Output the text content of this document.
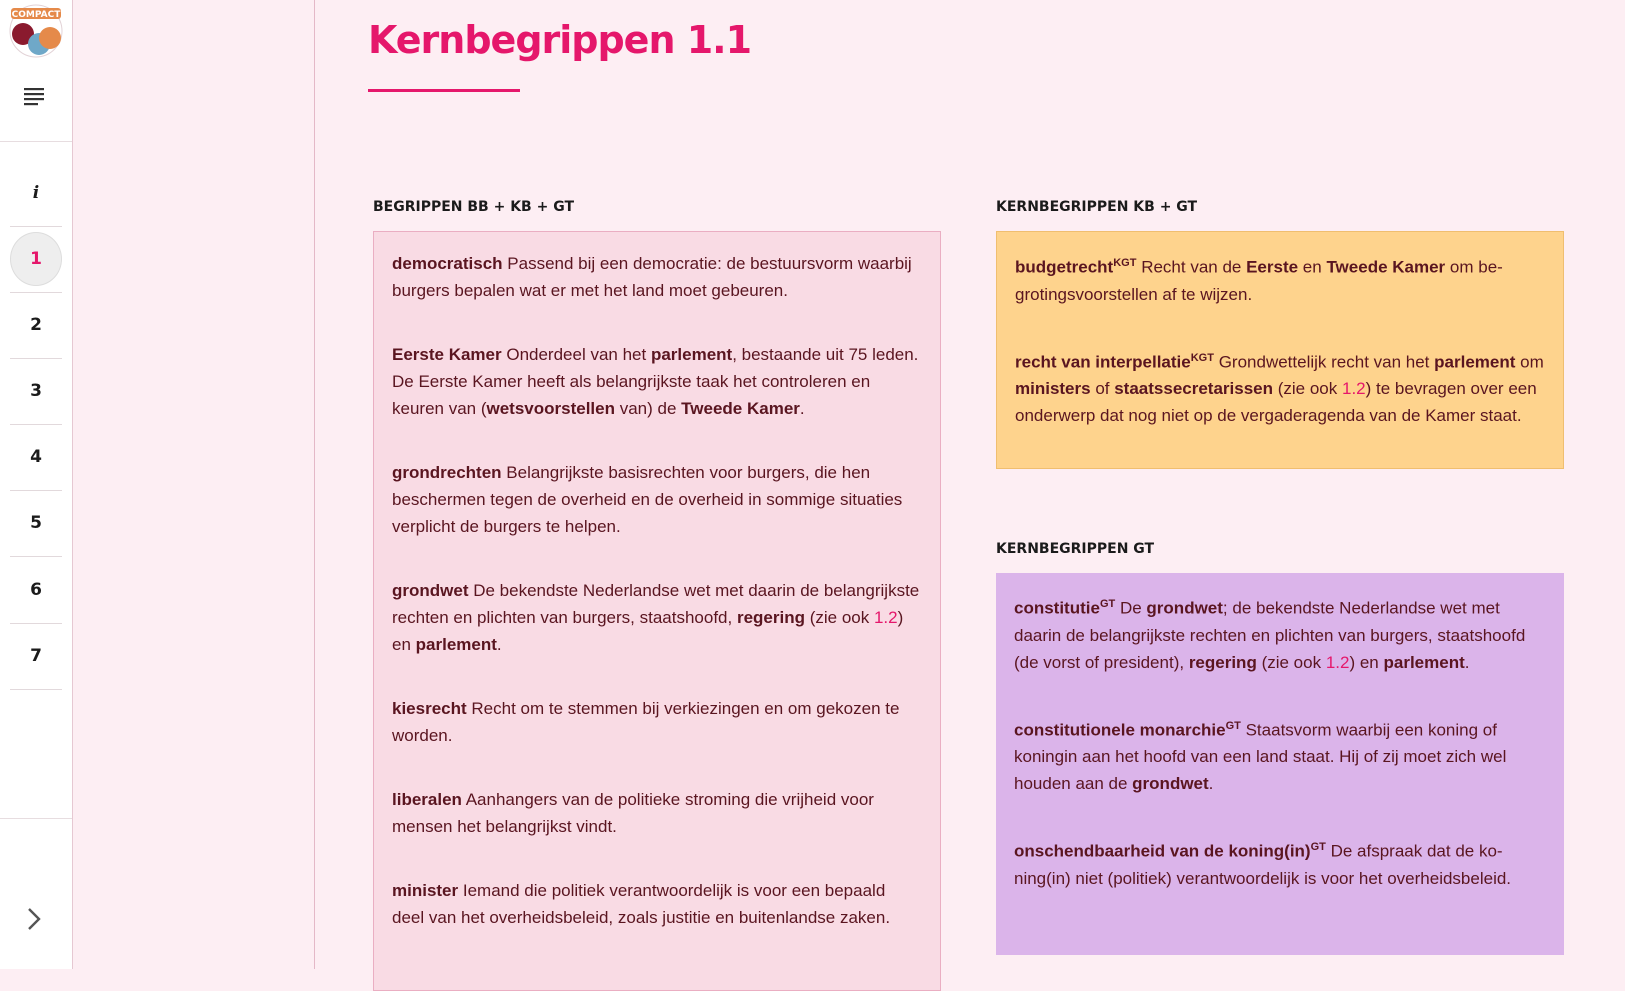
COMPACT
i
1
2
3
4
5
6
7
Kernbegrippen 1.1
BEGRIPPEN BB + KB + GT	KERNBEGRIPPEN KB + GT
KERNBEGRIPPEN GT

democratisch Passend bij een democratie: de bestuursvorm waarbij burgers bepalen wat er met het land moet gebeuren.

Eerste Kamer Onderdeel van het parlement, bestaande uit 75 leden. De Eerste Kamer heeft als belangrijkste taak het controleren en keuren van (wetsvoorstellen van) de Tweede Kamer.

grondrechten Belangrijkste basisrechten voor burgers, die hen beschermen tegen de overheid en de overheid in sommige situaties verplicht de burgers te helpen.

grondwet De bekendste Nederlandse wet met daarin de belangrijkste rechten en plichten van burgers, staatshoofd, regering (zie ook 1.2) en parlement.

kiesrecht Recht om te stemmen bij verkiezingen en om gekozen te worden.

liberalen Aanhangers van de politieke stroming die vrijheid voor mensen het belangrijkst vindt.

minister Iemand die politiek verantwoordelijk is voor een bepaald deel van het overheidsbeleid, zoals justitie en buitenlandse zaken.

budgetrecht$^{KGT}$ Recht van de Eerste en Tweede Kamer om begrotingsvoorstellen af te wijzen.

recht van interpellatie$^{KGT}$ Grondwettelijk recht van het parlement om ministers of staatssecretarissen (zie ook 1.2) te bevragen over een onderwerp dat nog niet op de vergaderagenda van de Kamer staat.

constitutie$^{GT}$ De grondwet; de bekendste Nederlandse wet met daarin de belangrijkste rechten en plichten van burgers, staatshoofd (de vorst of president), regering (zie ook 1.2) en parlement.

constitutionele monarchie$^{GT}$ Staatsvorm waarbij een koning of koningin aan het hoofd van een land staat. Hij of zij moet zich wel houden aan de grondwet.

onschendbaarheid van de koning(in)$^{GT}$ De afspraak dat de koning(in) niet (politiek) verantwoordelijk is voor het overheidsbeleid.
